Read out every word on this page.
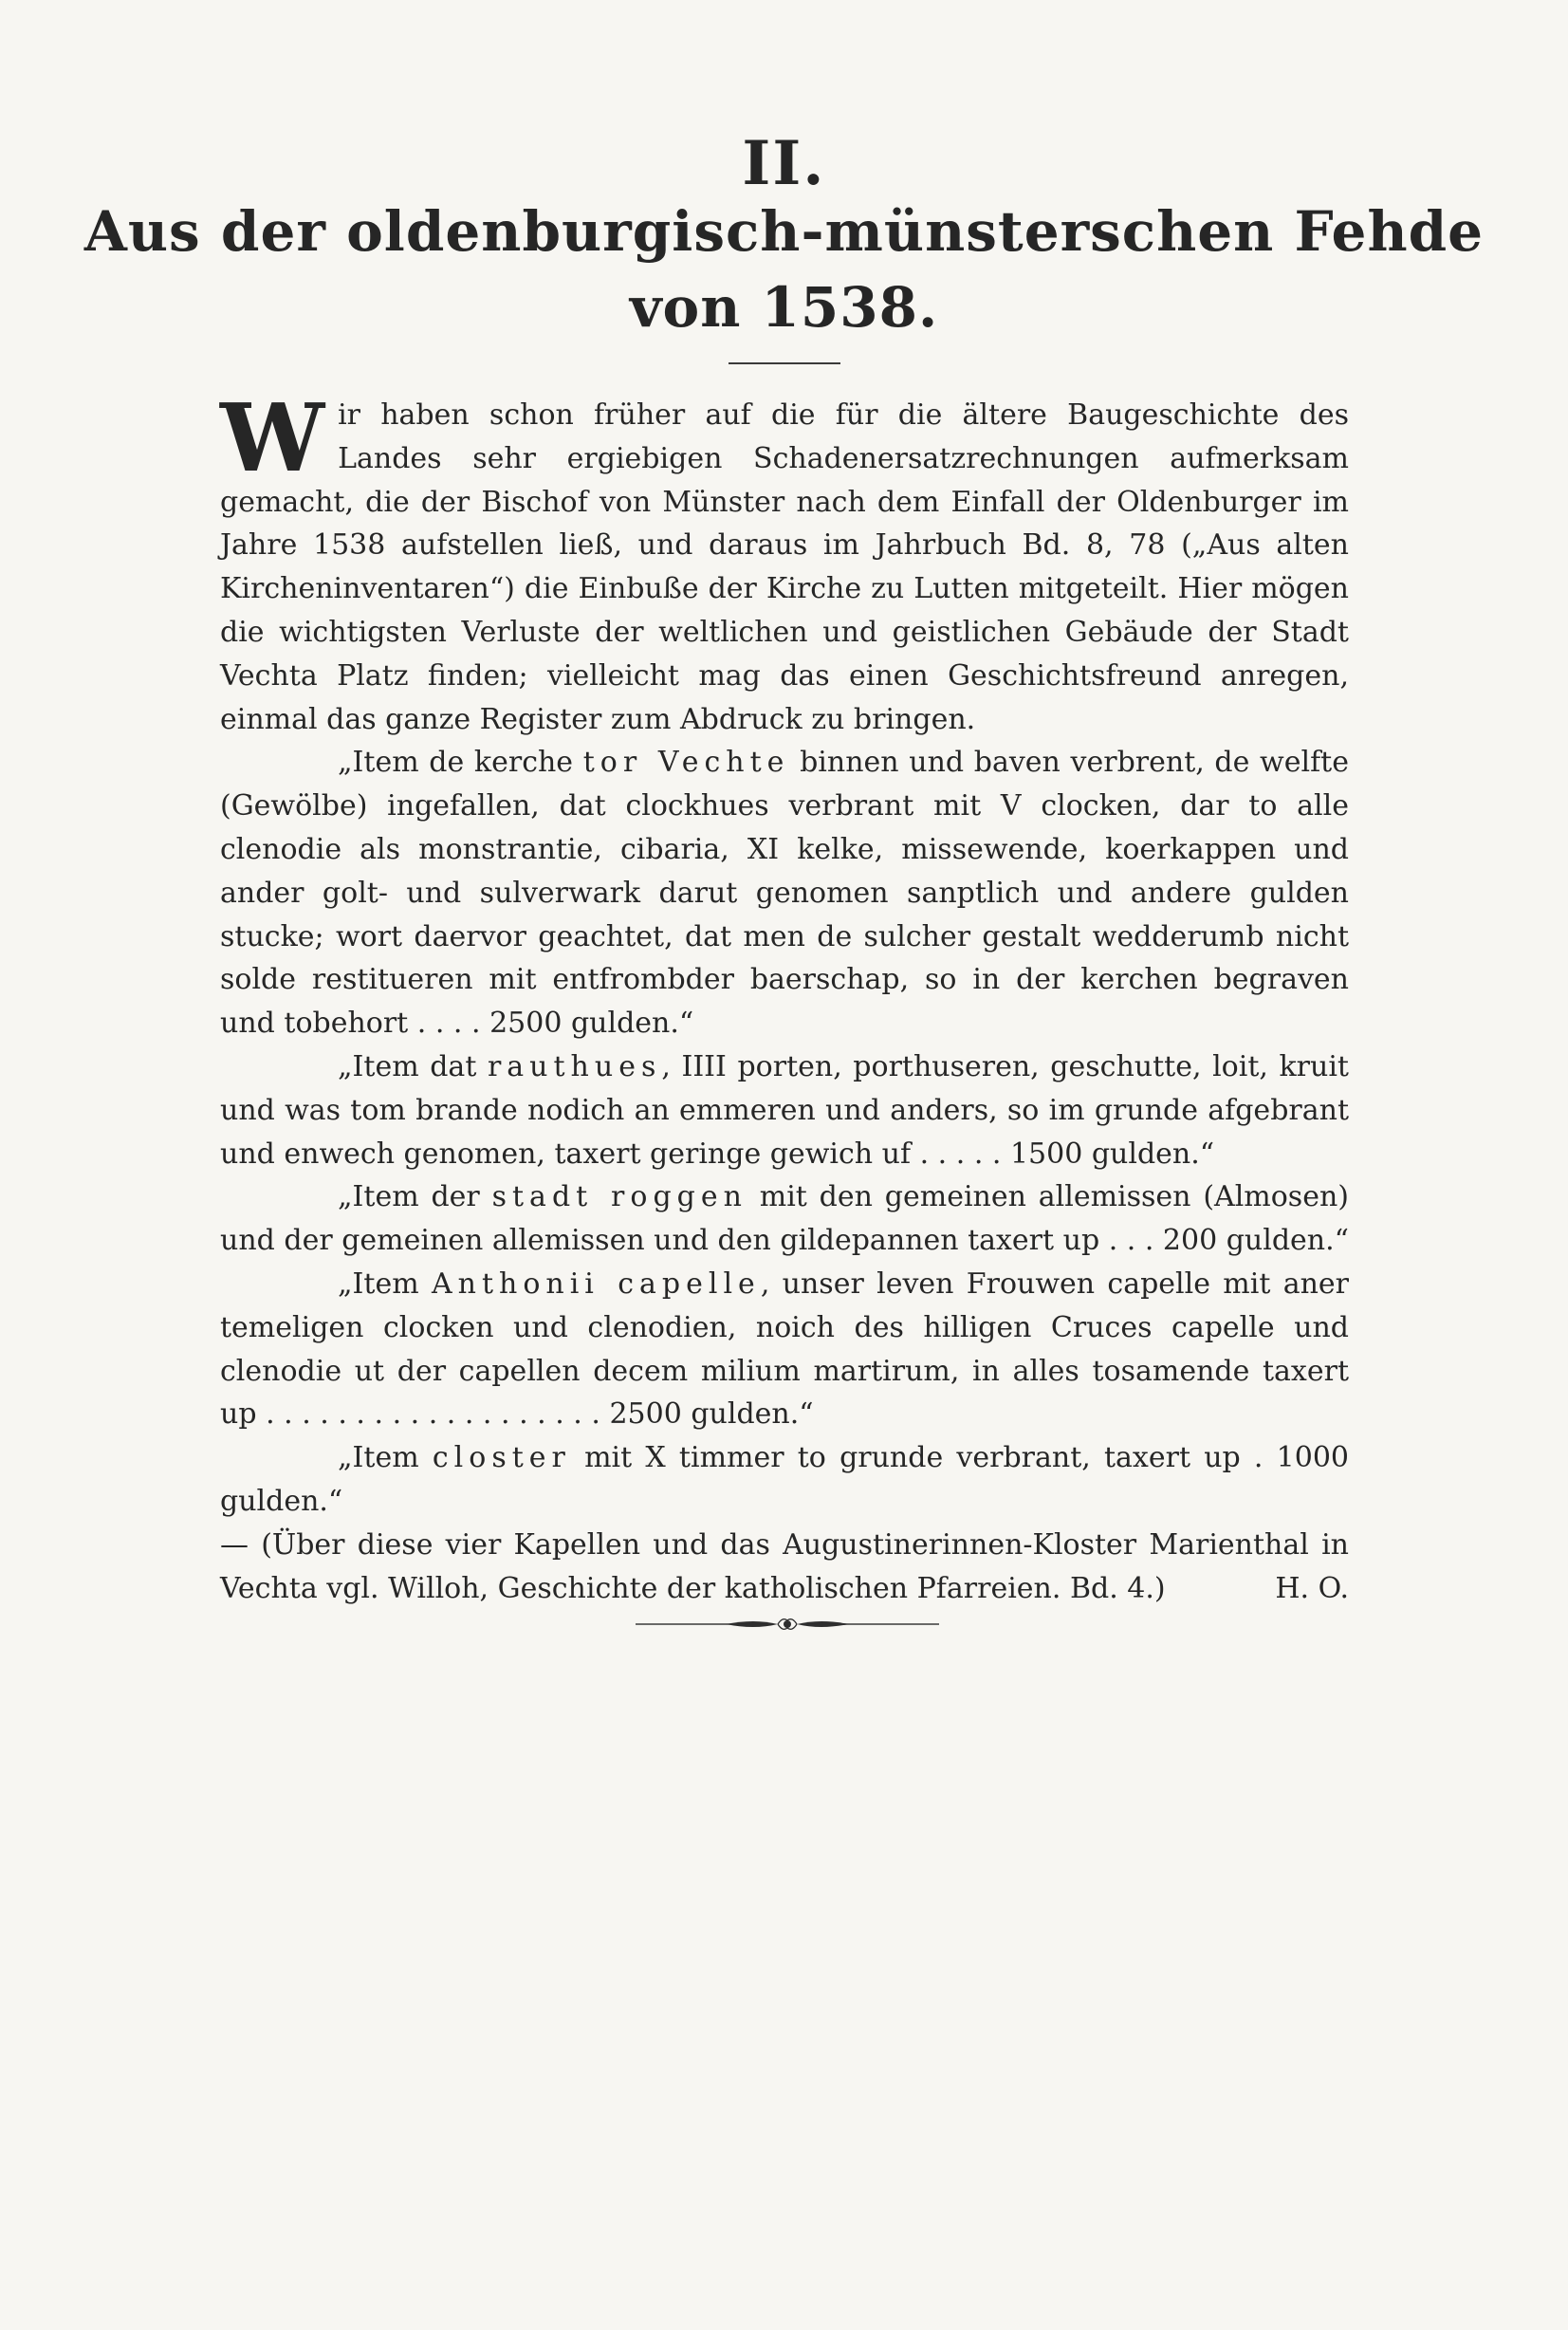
II.
Aus der oldenburgisch-münsterschen Fehde
von 1538.

Wir haben schon früher auf die für die ältere Baugeschichte des Landes sehr ergiebigen Schadenersatzrechnungen aufmerksam gemacht, die der Bischof von Münster nach dem Einfall der Oldenburger im Jahre 1538 aufstellen ließ, und daraus im Jahrbuch Bd. 8, 78 („Aus alten Kircheninventaren“) die Einbuße der Kirche zu Lutten mitgeteilt. Hier mögen die wichtigsten Verluste der weltlichen und geistlichen Gebäude der Stadt Vechta Platz finden; vielleicht mag das einen Geschichtsfreund anregen, einmal das ganze Register zum Abdruck zu bringen.

„Item de kerche tor Vechte binnen und baven verbrent, de welfte (Gewölbe) ingefallen, dat clockhues verbrant mit V clocken, dar to alle clenodie als monstrantie, cibaria, XI kelke, missewende, koerkappen und ander golt- und sulverwark darut genomen sanptlich und andere gulden stucke; wort daervor geachtet, dat men de sulcher gestalt wedderumb nicht solde restitueren mit entfrombder baerschap, so in der kerchen begraven und tobehort . . . . 2500 gulden.“

„Item dat rauthues, IIII porten, porthuseren, geschutte, loit, kruit und was tom brande nodich an emmeren und anders, so im grunde afgebrant und enwech genomen, taxert geringe gewich uf . . . . . 1500 gulden.“

„Item der stadt roggen mit den gemeinen allemissen (Almosen) und der gemeinen allemissen und den gildepannen taxert up . . . 200 gulden.“

„Item Anthonii capelle, unser leven Frouwen capelle mit aner temeligen clocken und clenodien, noich des hilligen Cruces capelle und clenodie ut der capellen decem milium martirum, in alles tosamende taxert up . . . . . . . . . . . . . . . . . . . 2500 gulden.“

„Item closter mit X timmer to grunde verbrant, taxert up . 1000 gulden.“

— (Über diese vier Kapellen und das Augustinerinnen-Kloster Marienthal in Vechta vgl. Willoh, Geschichte der katholischen Pfarreien. Bd. 4.)	H. O.
